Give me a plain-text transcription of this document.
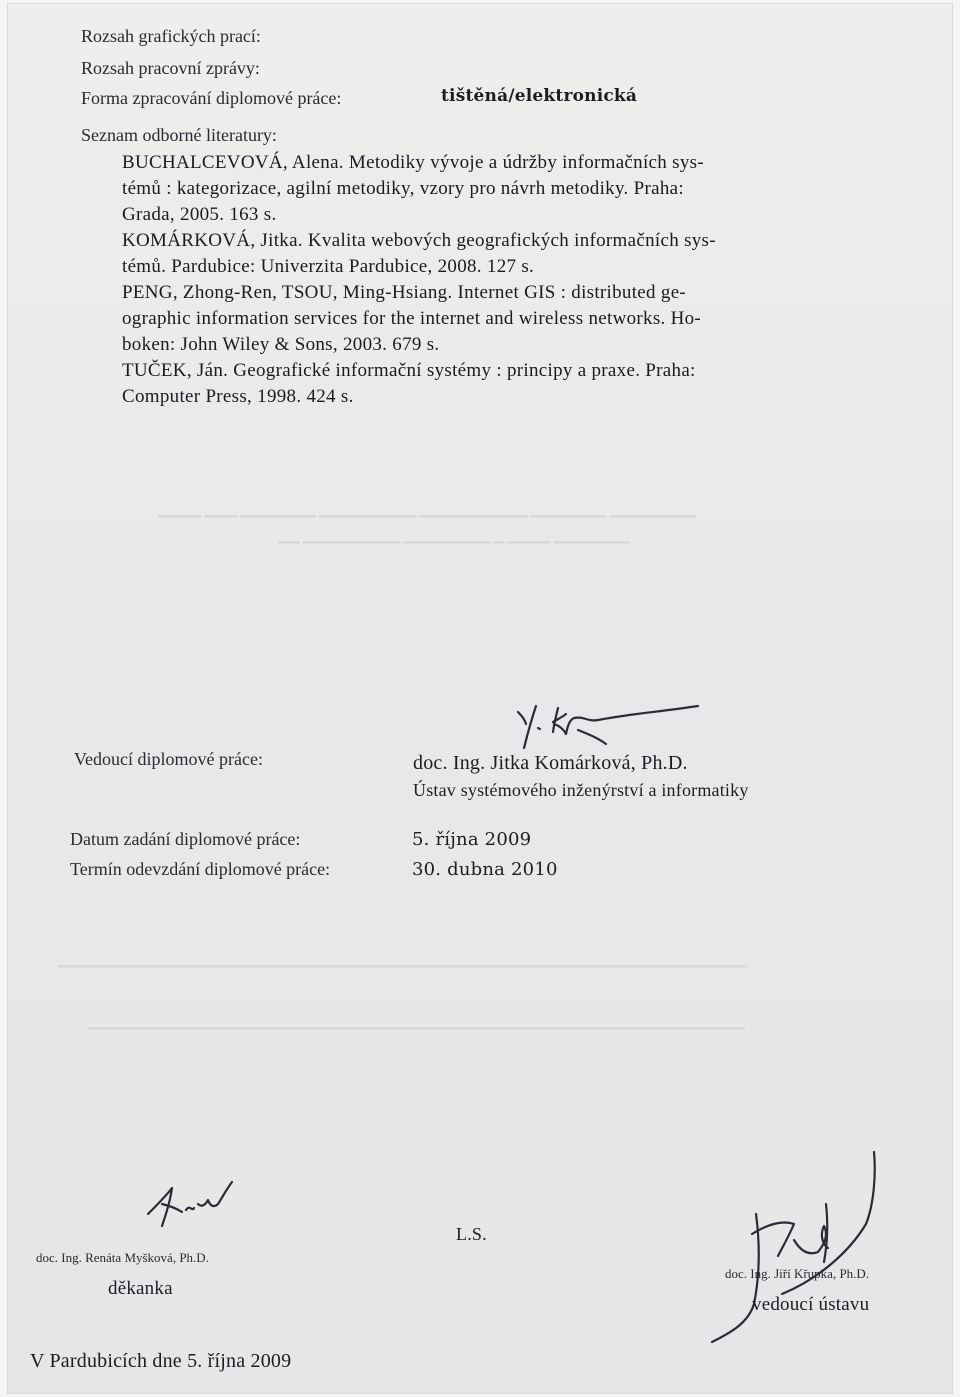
▁▁▁▁ ▁▁▁ ▁▁▁▁▁▁▁ ▁▁▁▁▁▁▁▁▁ ▁▁▁▁▁▁▁▁▁▁ ▁▁▁▁▁▁▁ ▁▁▁▁▁▁▁▁
▁▁ ▁▁▁▁▁▁▁▁▁ ▁▁▁▁▁▁▁▁ ▁ ▁▁▁▁ ▁▁▁▁▁▁▁
▁▁▁▁▁▁▁▁▁▁▁▁▁▁▁▁▁▁▁▁▁▁▁▁▁▁▁▁▁▁▁▁▁▁▁▁▁▁▁▁▁▁▁▁▁▁▁▁▁▁▁▁▁▁▁▁▁▁▁▁▁▁▁▁
▁▁▁▁▁▁▁▁▁▁▁▁▁▁▁▁▁▁▁▁▁▁▁▁▁▁▁▁▁▁▁▁▁▁▁▁▁▁▁▁▁▁▁▁▁▁▁▁▁▁▁▁▁▁▁▁▁▁▁▁▁
Rozsah grafických prací:
Rozsah pracovní zprávy:
Forma zpracování diplomové práce:	tištěná/elektronická
Seznam odborné literatury:
BUCHALCEVOVÁ, Alena. Metodiky vývoje a údržby informačních sys-
témů : kategorizace, agilní metodiky, vzory pro návrh metodiky. Praha:
Grada, 2005. 163 s.
KOMÁRKOVÁ, Jitka. Kvalita webových geografických informačních sys-
témů. Pardubice: Univerzita Pardubice, 2008. 127 s.
PENG, Zhong-Ren, TSOU, Ming-Hsiang. Internet GIS : distributed ge-
ographic information services for the internet and wireless networks. Ho-
boken: John Wiley & Sons, 2003. 679 s.
TUČEK, Ján. Geografické informační systémy : principy a praxe. Praha:
Computer Press, 1998. 424 s.
Vedoucí diplomové práce:	doc. Ing. Jitka Komárková, Ph.D.
Ústav systémového inženýrství a informatiky
Datum zadání diplomové práce:	5. října 2009
Termín odevzdání diplomové práce:	30. dubna 2010
doc. Ing. Renáta Myšková, Ph.D.
děkanka
L.S.
doc. Ing. Jiří Křupka, Ph.D.
vedoucí ústavu
V Pardubicích dne 5. října 2009
